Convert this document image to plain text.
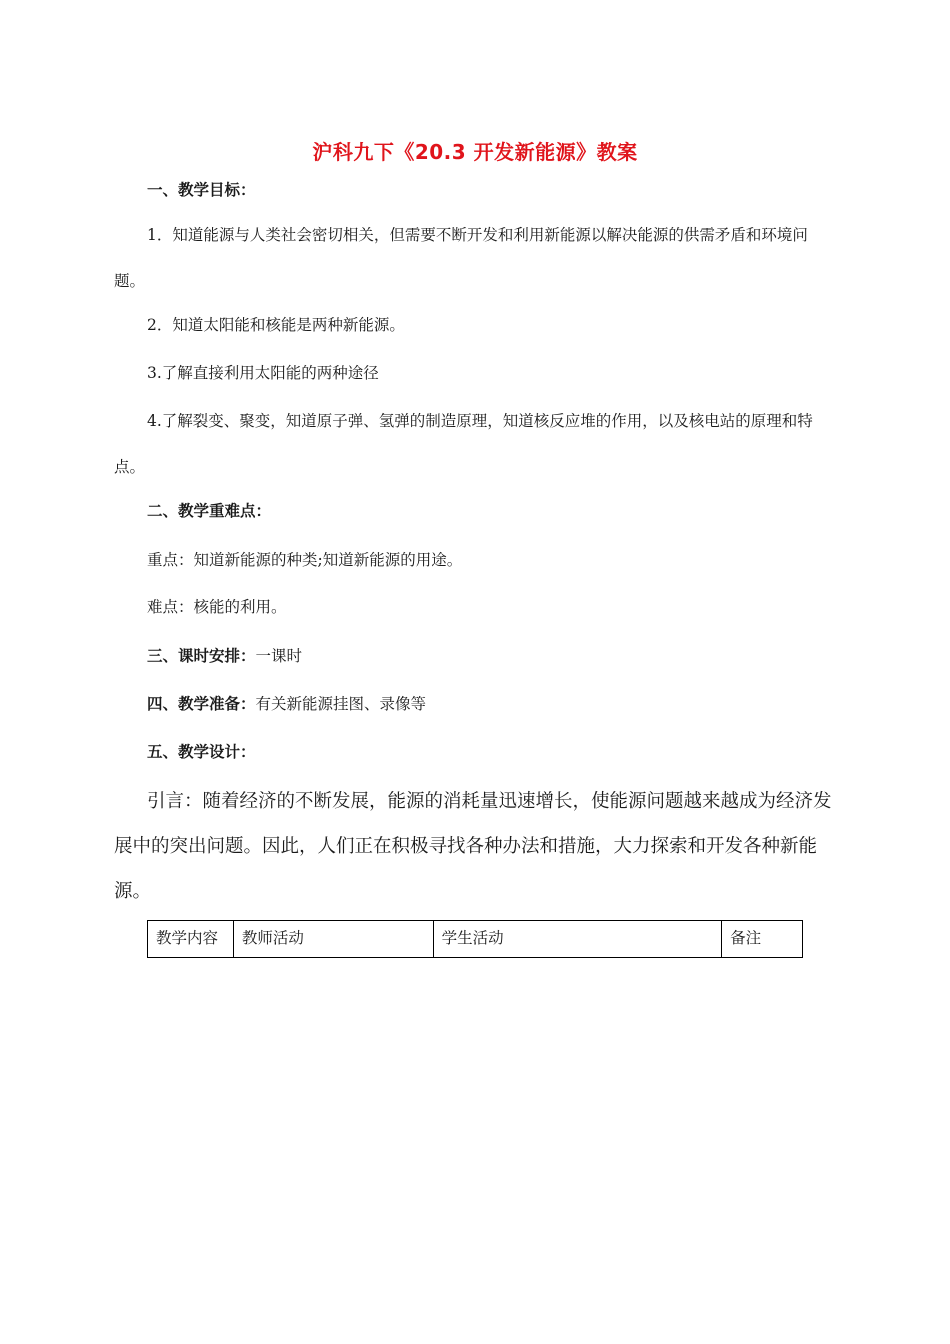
沪科九下《20.3 开发新能源》教案

一、教学目标：

1．知道能源与人类社会密切相关，但需要不断开发和利用新能源以解决能源的供需矛盾和环境问题。

2．知道太阳能和核能是两种新能源。

3.了解直接利用太阳能的两种途径

4.了解裂变、聚变，知道原子弹、氢弹的制造原理，知道核反应堆的作用，以及核电站的原理和特点。

二、教学重难点：

重点：知道新能源的种类;知道新能源的用途。

难点：核能的利用。

三、课时安排：一课时

四、教学准备：有关新能源挂图、录像等

五、教学设计：

引言：随着经济的不断发展，能源的消耗量迅速增长，使能源问题越来越成为经济发展中的突出问题。因此，人们正在积极寻找各种办法和措施，大力探索和开发各种新能源。

教学内容	教师活动	学生活动	备注
